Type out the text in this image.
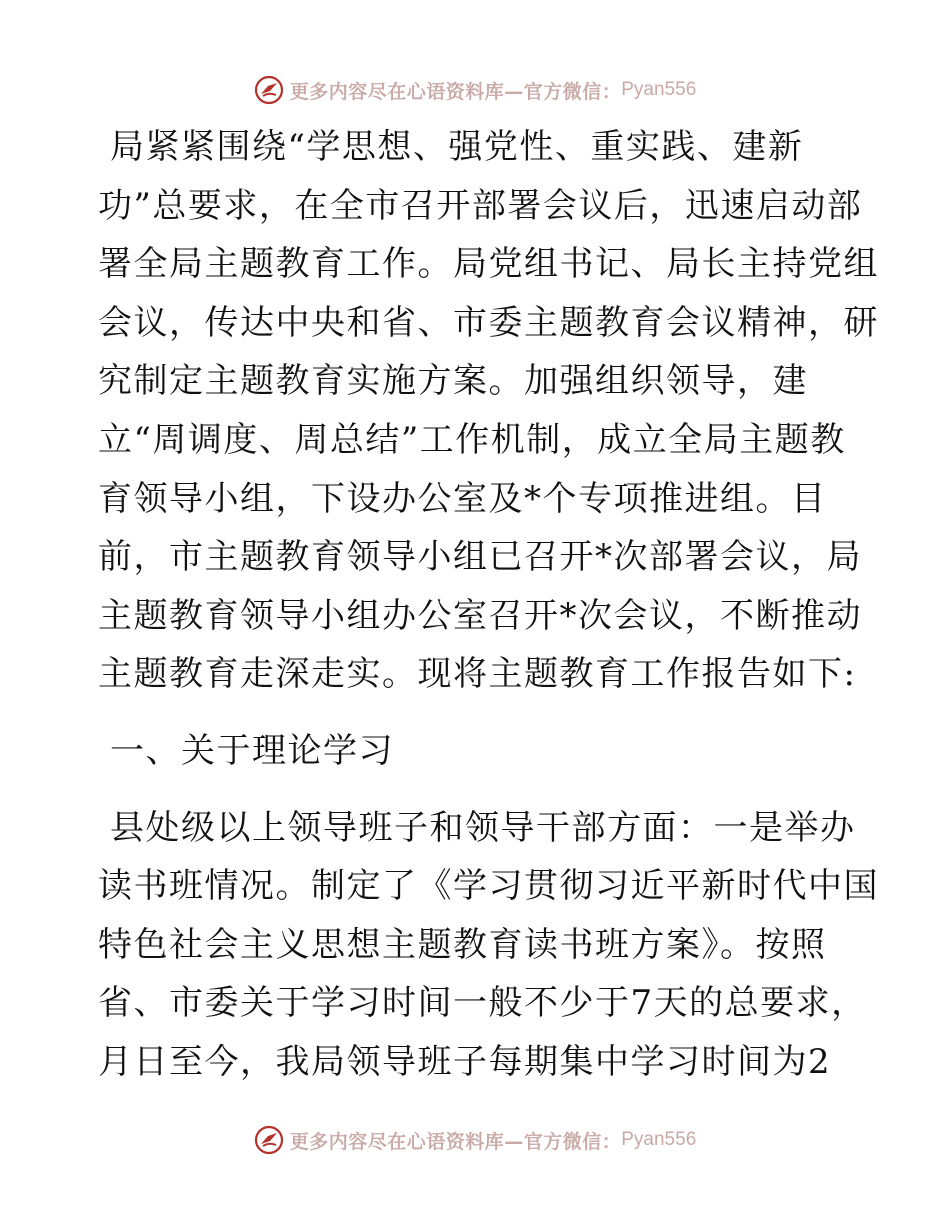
更多内容尽在心语资料库—官方微信： Pyan556
局紧紧围绕“学思想、强党性、重实践、建新
功”总要求，在全市召开部署会议后，迅速启动部
署全局主题教育工作。局党组书记、局长主持党组
会议，传达中央和省、市委主题教育会议精神，研
究制定主题教育实施方案。加强组织领导，建
立“周调度、周总结”工作机制，成立全局主题教
育领导小组，下设办公室及*个专项推进组。目
前，市主题教育领导小组已召开*次部署会议，局
主题教育领导小组办公室召开*次会议，不断推动
主题教育走深走实。现将主题教育工作报告如下:
一、关于理论学习
县处级以上领导班子和领导干部方面：一是举办
读书班情况。制定了《学习贯彻习近平新时代中国
特色社会主义思想主题教育读书班方案》。按照
省、市委关于学习时间一般不少于7天的总要求，
月日至今，我局领导班子每期集中学习时间为2
更多内容尽在心语资料库—官方微信： Pyan556
